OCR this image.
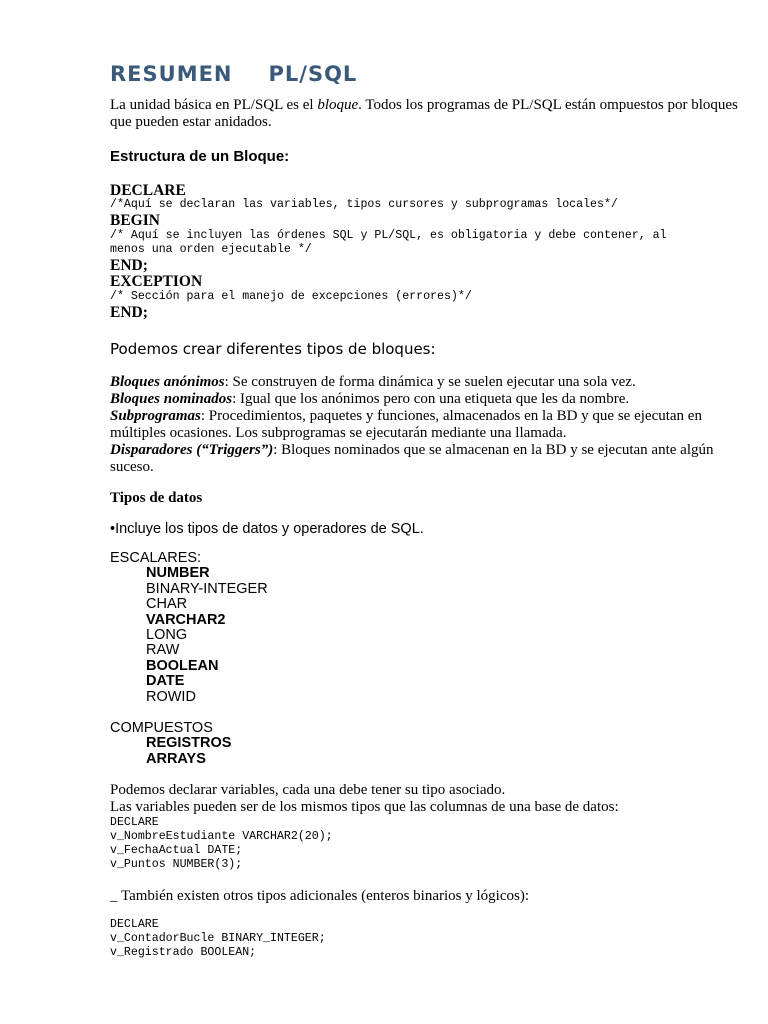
RESUMEN PL/SQL
La unidad básica en PL/SQL es el bloque. Todos los programas de PL/SQL están ompuestos por bloques que pueden estar anidados.
Estructura de un Bloque:
DECLARE
/*Aquí se declaran las variables, tipos cursores y subprogramas locales*/
BEGIN
/* Aquí se incluyen las órdenes SQL y PL/SQL, es obligatoria y debe contener, al
menos una orden ejecutable */
END;
EXCEPTION
/* Sección para el manejo de excepciones (errores)*/
END;
Podemos crear diferentes tipos de bloques:

Bloques anónimos: Se construyen de forma dinámica y se suelen ejecutar una sola vez.

Bloques nominados: Igual que los anónimos pero con una etiqueta que les da nombre.

Subprogramas: Procedimientos, paquetes y funciones, almacenados en la BD y que se ejecutan en múltiples ocasiones. Los subprogramas se ejecutarán mediante una llamada.

Disparadores (“Triggers”): Bloques nominados que se almacenan en la BD y se ejecutan ante algún suceso.

Tipos de datos
•Incluye los tipos de datos y operadores de SQL.
ESCALARES:
NUMBER
BINARY-INTEGER
CHAR
VARCHAR2
LONG
RAW
BOOLEAN
DATE
ROWID
COMPUESTOS
REGISTROS
ARRAYS
Podemos declarar variables, cada una debe tener su tipo asociado.
Las variables pueden ser de los mismos tipos que las columnas de una base de datos:
DECLARE
v_NombreEstudiante VARCHAR2(20);
v_FechaActual DATE;
v_Puntos NUMBER(3);
_ También existen otros tipos adicionales (enteros binarios y lógicos):
DECLARE
v_ContadorBucle BINARY_INTEGER;
v_Registrado BOOLEAN;
